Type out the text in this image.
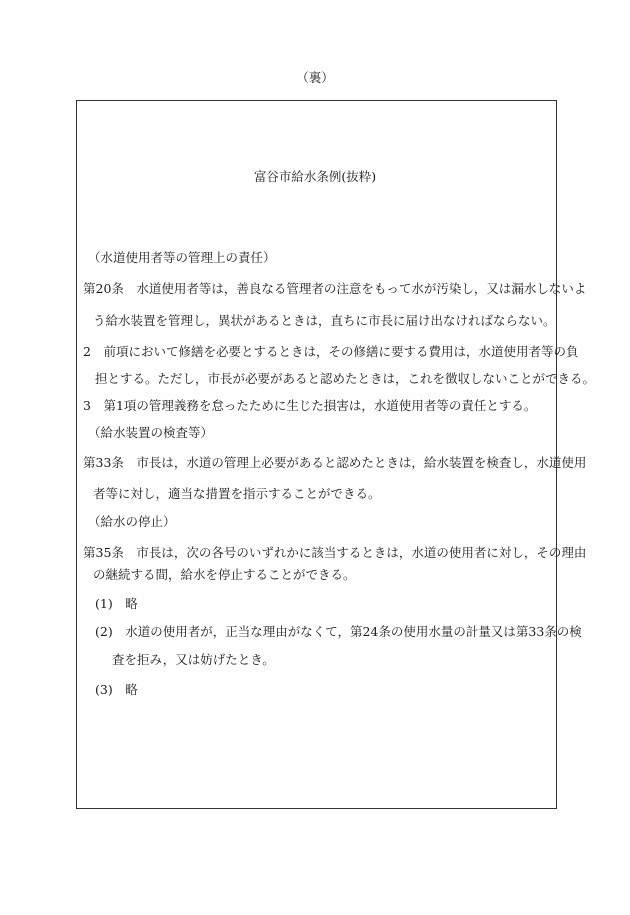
（裏）
富谷市給水条例(抜粋)
（水道使用者等の管理上の責任）
第20条　水道使用者等は，善良なる管理者の注意をもって水が汚染し，又は漏水しないよ
う給水装置を管理し，異状があるときは，直ちに市長に届け出なければならない。
2　前項において修繕を必要とするときは，その修繕に要する費用は，水道使用者等の負
担とする。ただし，市長が必要があると認めたときは，これを徴収しないことができる。
3　第1項の管理義務を怠ったために生じた損害は，水道使用者等の責任とする。
（給水装置の検査等）
第33条　市長は，水道の管理上必要があると認めたときは，給水装置を検査し，水道使用
者等に対し，適当な措置を指示することができる。
（給水の停止）
第35条　市長は，次の各号のいずれかに該当するときは，水道の使用者に対し，その理由
の継続する間，給水を停止することができる。
(1)　略
(2)　水道の使用者が，正当な理由がなくて，第24条の使用水量の計量又は第33条の検
査を拒み，又は妨げたとき。
(3)　略
